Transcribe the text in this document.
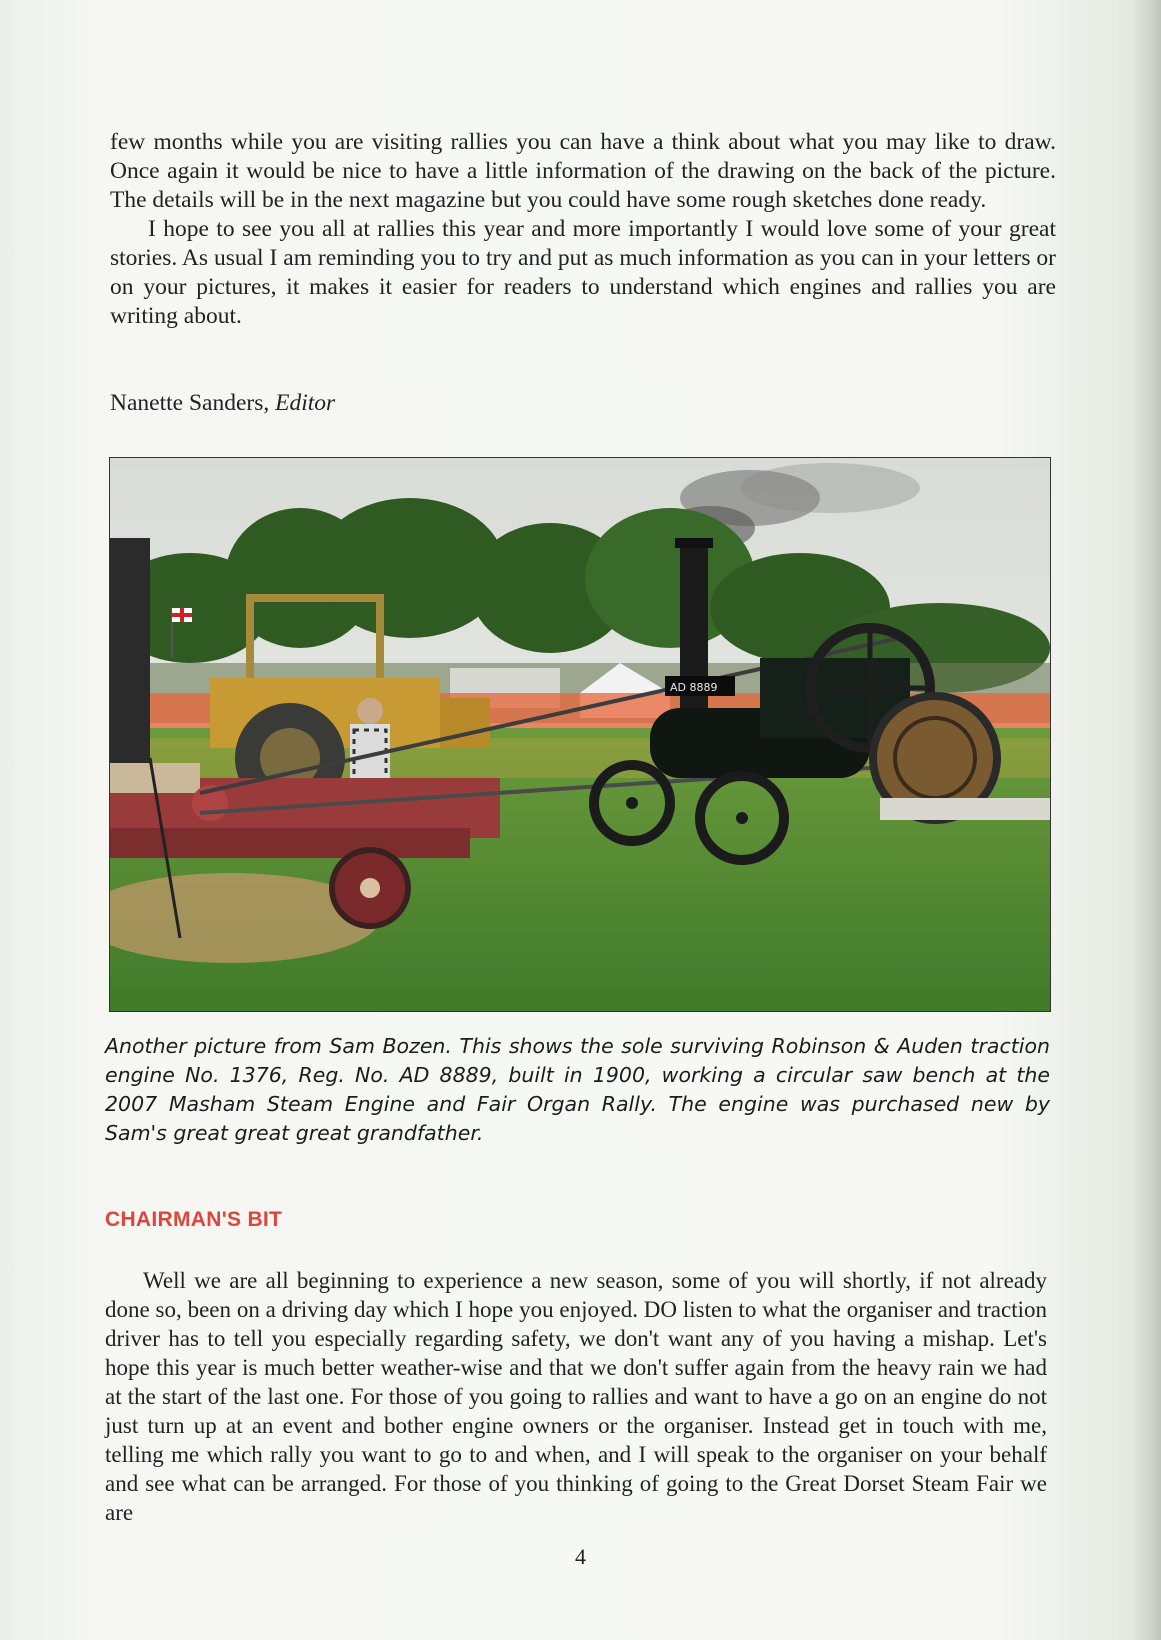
few months while you are visiting rallies you can have a think about what you may like to draw. Once again it would be nice to have a little information of the drawing on the back of the picture. The details will be in the next magazine but you could have some rough sketches done ready.

I hope to see you all at rallies this year and more importantly I would love some of your great stories. As usual I am reminding you to try and put as much information as you can in your letters or on your pictures, it makes it easier for readers to understand which engines and rallies you are writing about.

Nanette Sanders, Editor
AD 8889
Another picture from Sam Bozen. This shows the sole surviving Robinson & Auden traction engine No. 1376, Reg. No. AD 8889, built in 1900, working a circular saw bench at the 2007 Masham Steam Engine and Fair Organ Rally. The engine was purchased new by Sam's great great great grandfather.
CHAIRMAN'S BIT

Well we are all beginning to experience a new season, some of you will shortly, if not already done so, been on a driving day which I hope you enjoyed. DO listen to what the organiser and traction driver has to tell you especially regarding safety, we don't want any of you having a mishap. Let's hope this year is much better weather-wise and that we don't suffer again from the heavy rain we had at the start of the last one. For those of you going to rallies and want to have a go on an engine do not just turn up at an event and bother engine owners or the organiser. Instead get in touch with me, telling me which rally you want to go to and when, and I will speak to the organiser on your behalf and see what can be arranged. For those of you thinking of going to the Great Dorset Steam Fair we are

4
